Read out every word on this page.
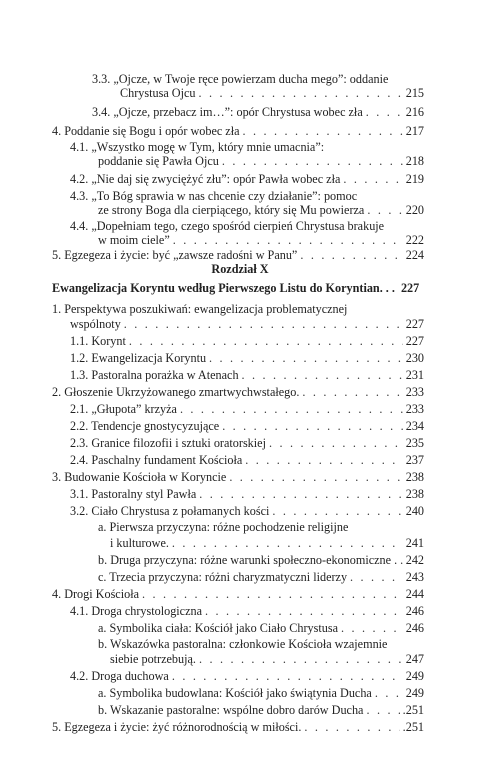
3.3. „Ojcze, w Twoje ręce powierzam ducha mego”: oddanie
Chrystusa Ojcu . . .	215
3.4. „Ojcze, przebacz im…”: opór Chrystusa wobec zła . . .	216
4. Poddanie się Bogu i opór wobec zła . . .	217
4.1. „Wszystko mogę w Tym, który mnie umacnia”:
poddanie się Pawła Ojcu . . .	218
4.2. „Nie daj się zwyciężyć złu”: opór Pawła wobec zła . . .	219
4.3. „To Bóg sprawia w nas chcenie czy działanie”: pomoc
ze strony Boga dla cierpiącego, który się Mu powierza . . .	220
4.4. „Dopełniam tego, czego spośród cierpień Chrystusa brakuje
w moim ciele” . . .	222
5. Egzegeza i życie: być „zawsze radośni w Panu” . . .	224
Rozdział X
Ewangelizacja Koryntu według Pierwszego Listu do Koryntian. . . 227
1. Perspektywa poszukiwań: ewangelizacja problematycznej
wspólnoty . . .	227
1.1. Korynt . . .	227
1.2. Ewangelizacja Koryntu . . .	230
1.3. Pastoralna porażka w Atenach . . .	231
2. Głoszenie Ukrzyżowanego zmartwychwstałego. . . .	233
2.1. „Głupota” krzyża . . .	233
2.2. Tendencje gnostycyzujące . . .	234
2.3. Granice filozofii i sztuki oratorskiej . . .	235
2.4. Paschalny fundament Kościoła . . .	237
3. Budowanie Kościoła w Koryncie . . .	238
3.1. Pastoralny styl Pawła . . .	238
3.2. Ciało Chrystusa z połamanych kości . . .	240
a. Pierwsza przyczyna: różne pochodzenie religijne
i kulturowe. . . .	241
b. Druga przyczyna: różne warunki społeczno-ekonomiczne . . . . 242
c. Trzecia przyczyna: różni charyzmatyczni liderzy . . .	243
4. Drogi Kościoła . . .	244
4.1. Droga chrystologiczna . . .	246
a. Symbolika ciała: Kościół jako Ciało Chrystusa . . .	246
b. Wskazówka pastoralna: członkowie Kościoła wzajemnie
siebie potrzebują. . . .	247
4.2. Droga duchowa . . .	249
a. Symbolika budowlana: Kościół jako świątynia Ducha . . .	249
b. Wskazanie pastoralne: wspólne dobro darów Ducha . . .	.251
5. Egzegeza i życie: żyć różnorodnością w miłości. . . .	.251
